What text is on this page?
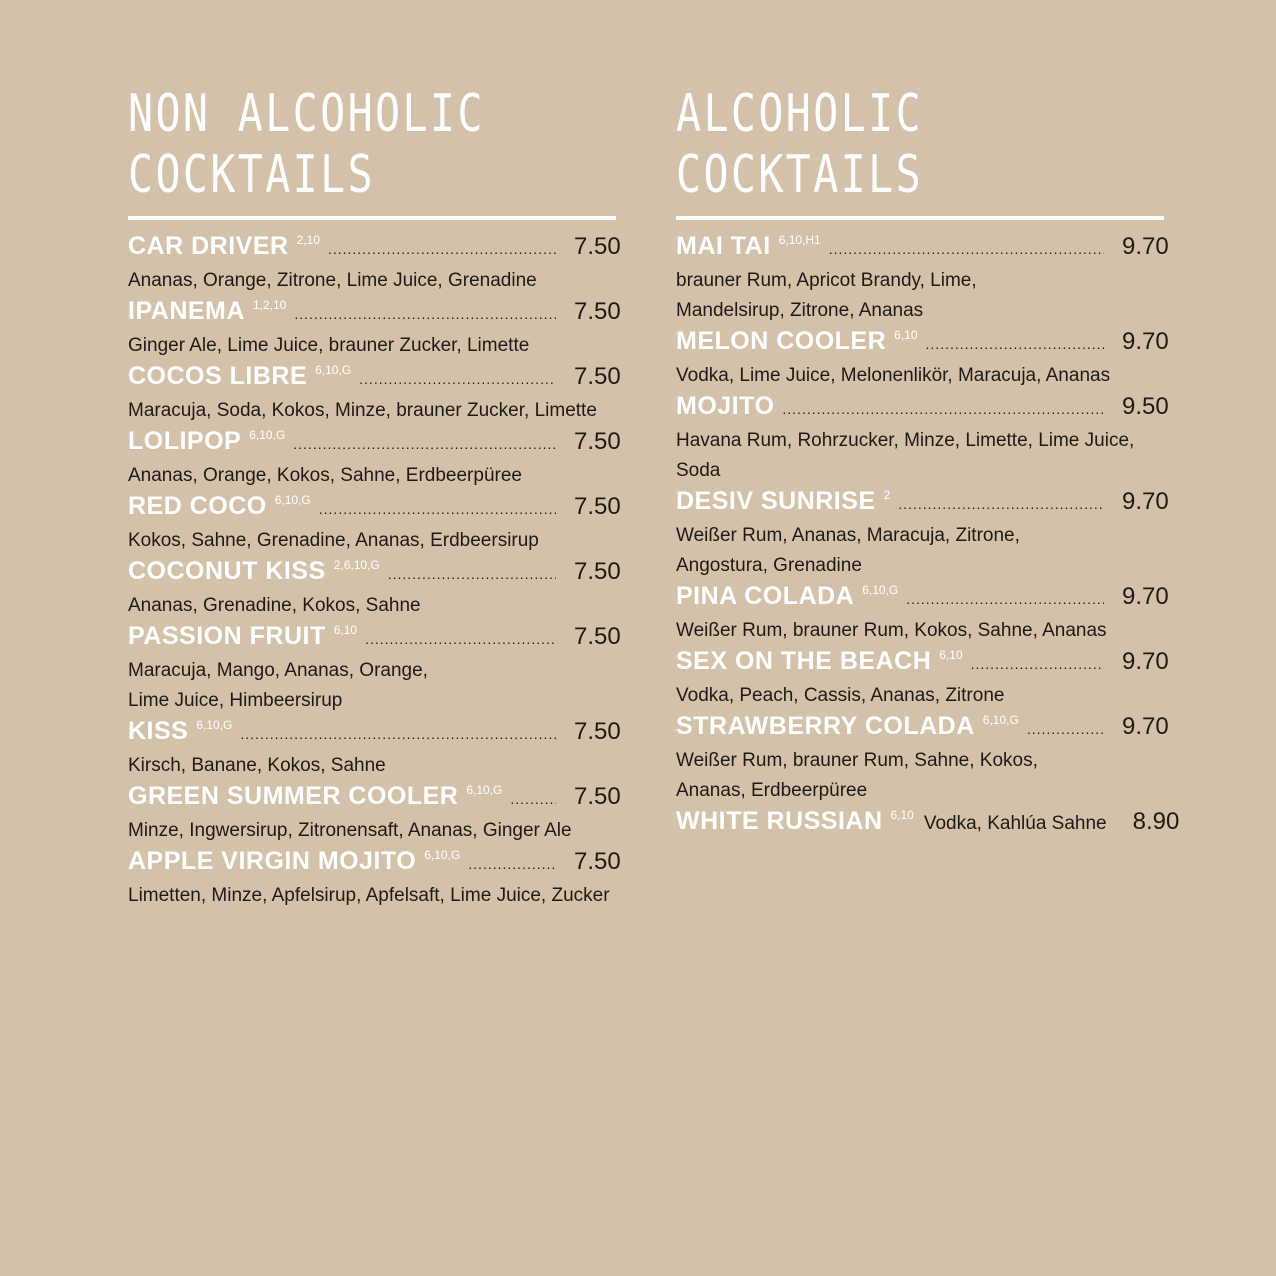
NON ALCOHOLIC
COCKTAILS
CAR DRIVER 2,10 .....	7.50
Ananas, Orange, Zitrone, Lime Juice, Grenadine
IPANEMA 1,2,10 .....	7.50
Ginger Ale, Lime Juice, brauner Zucker, Limette
COCOS LIBRE 6,10,G .....	7.50
Maracuja, Soda, Kokos, Minze, brauner Zucker, Limette
LOLIPOP 6,10,G .....	7.50
Ananas, Orange, Kokos, Sahne, Erdbeerpüree
RED COCO 6,10,G .....	7.50
Kokos, Sahne, Grenadine, Ananas, Erdbeersirup
COCONUT KISS 2,6,10,G .....	7.50
Ananas, Grenadine, Kokos, Sahne
PASSION FRUIT 6,10 .....	7.50
Maracuja, Mango, Ananas, Orange,
Lime Juice, Himbeersirup
KISS 6,10,G .....	7.50
Kirsch, Banane, Kokos, Sahne
GREEN SUMMER COOLER 6,10,G .....	7.50
Minze, Ingwersirup, Zitronensaft, Ananas, Ginger Ale
APPLE VIRGIN MOJITO 6,10,G .....	7.50
Limetten, Minze, Apfelsirup, Apfelsaft, Lime Juice, Zucker
ALCOHOLIC
COCKTAILS
MAI TAI 6,10,H1 .....	9.70
brauner Rum, Apricot Brandy, Lime,
Mandelsirup, Zitrone, Ananas
MELON COOLER 6,10 .....	9.70
Vodka, Lime Juice, Melonenlikör, Maracuja, Ananas
MOJITO .....	9.50
Havana Rum, Rohrzucker, Minze, Limette, Lime Juice, Soda
DESIV SUNRISE 2 .....	9.70
Weißer Rum, Ananas, Maracuja, Zitrone,
Angostura, Grenadine
PINA COLADA 6,10,G .....	9.70
Weißer Rum, brauner Rum, Kokos, Sahne, Ananas
SEX ON THE BEACH 6,10 .....	9.70
Vodka, Peach, Cassis, Ananas, Zitrone
STRAWBERRY COLADA 6,10,G .....	9.70
Weißer Rum, brauner Rum, Sahne, Kokos,
Ananas, Erdbeerpüree
WHITE RUSSIAN 6,10 Vodka, Kahlúa Sahne 8.90
